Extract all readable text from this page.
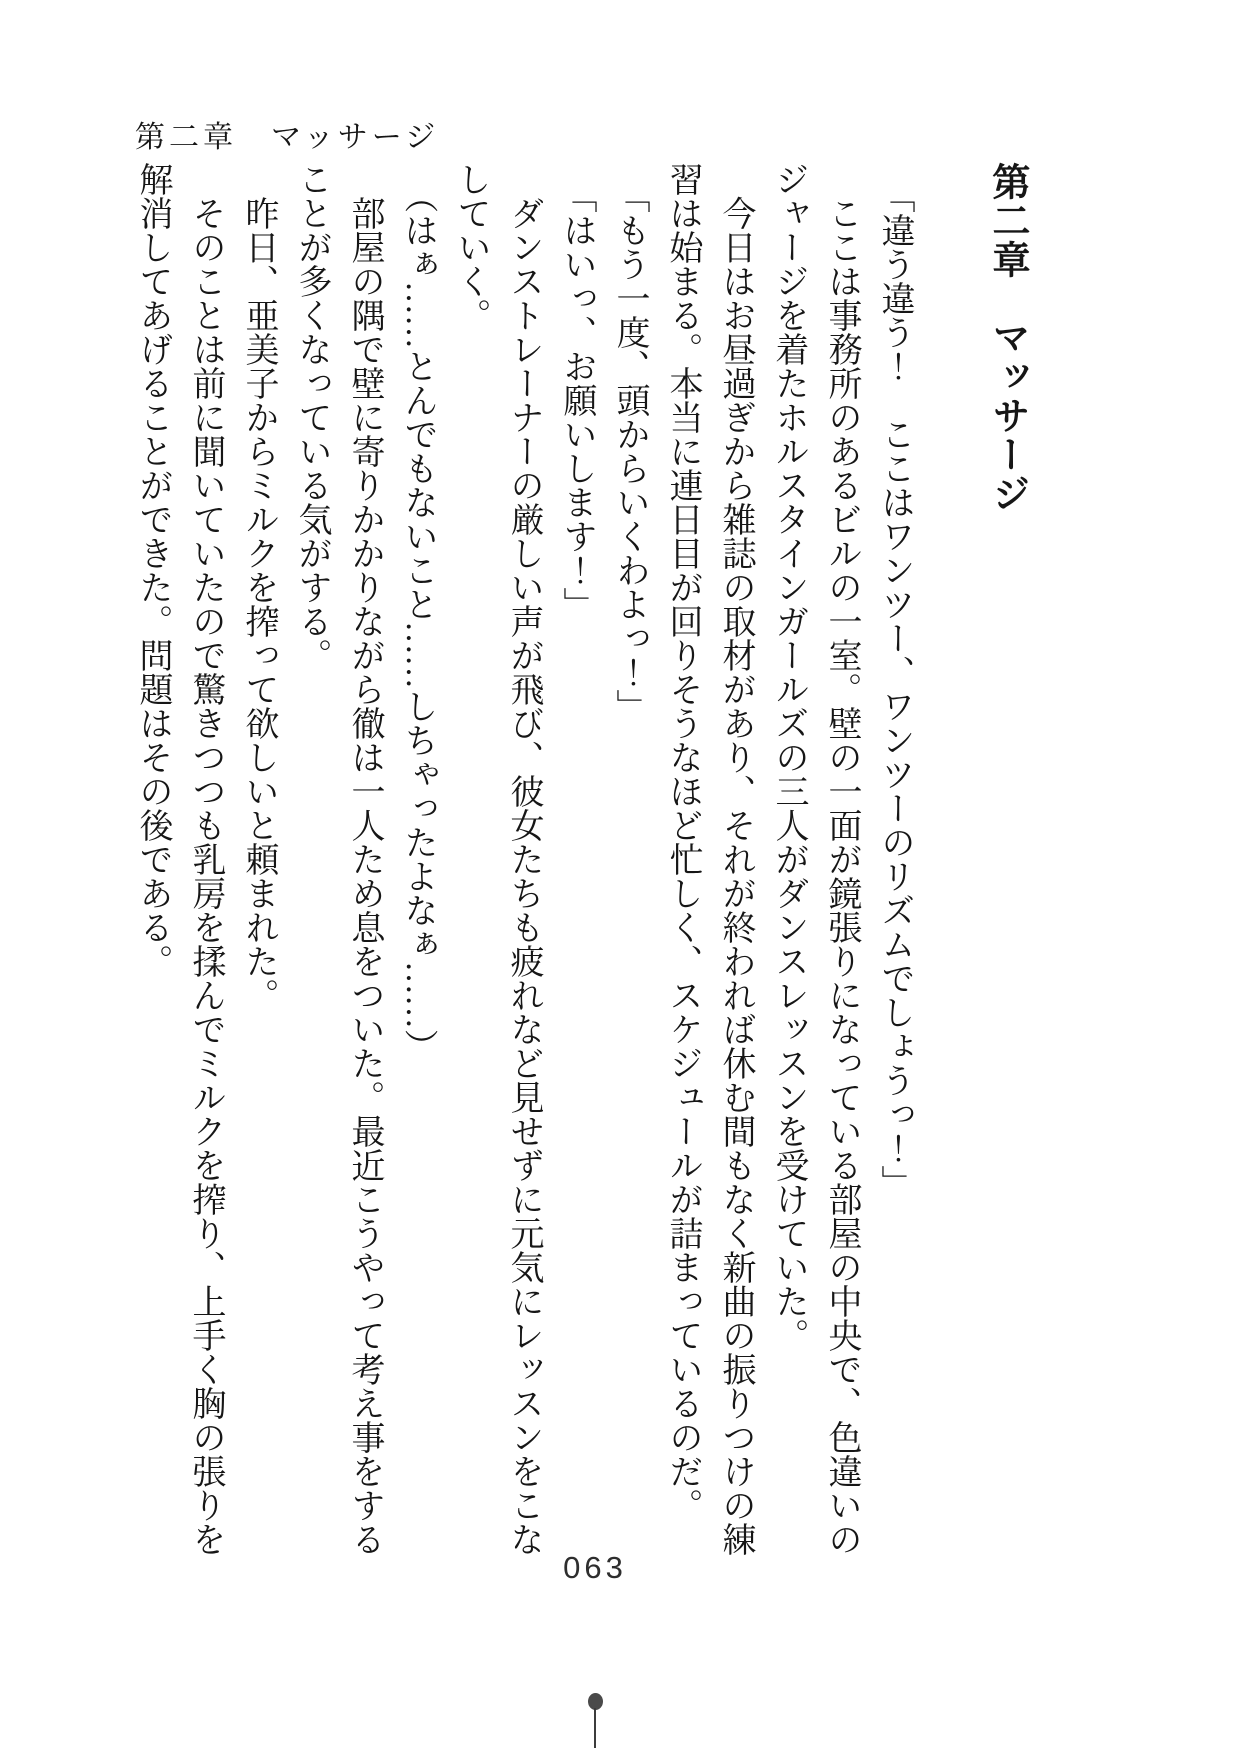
第二章　マッサージ

第二章　マッサージ

「違う違う！　ここはワンツー、ワンツーのリズムでしょうっ！」

ここは事務所のあるビルの一室。壁の一面が鏡張りになっている部屋の中央で、色違いのジャージを着たホルスタインガールズの三人がダンスレッスンを受けていた。

今日はお昼過ぎから雑誌の取材があり、それが終われば休む間もなく新曲の振りつけの練習は始まる。本当に連日目が回りそうなほど忙しく、スケジュールが詰まっているのだ。

「もう一度、頭からいくわよっ！」

「はいっ、お願いします！」

ダンストレーナーの厳しい声が飛び、彼女たちも疲れなど見せずに元気にレッスンをこなしていく。

（はぁ……とんでもないこと……しちゃったよなぁ……）

部屋の隅で壁に寄りかかりながら徹は一人ため息をついた。最近こうやって考え事をすることが多くなっている気がする。

昨日、亜美子からミルクを搾って欲しいと頼まれた。

そのことは前に聞いていたので驚きつつも乳房を揉んでミルクを搾り、上手く胸の張りを解消してあげることができた。問題はその後である。

063
